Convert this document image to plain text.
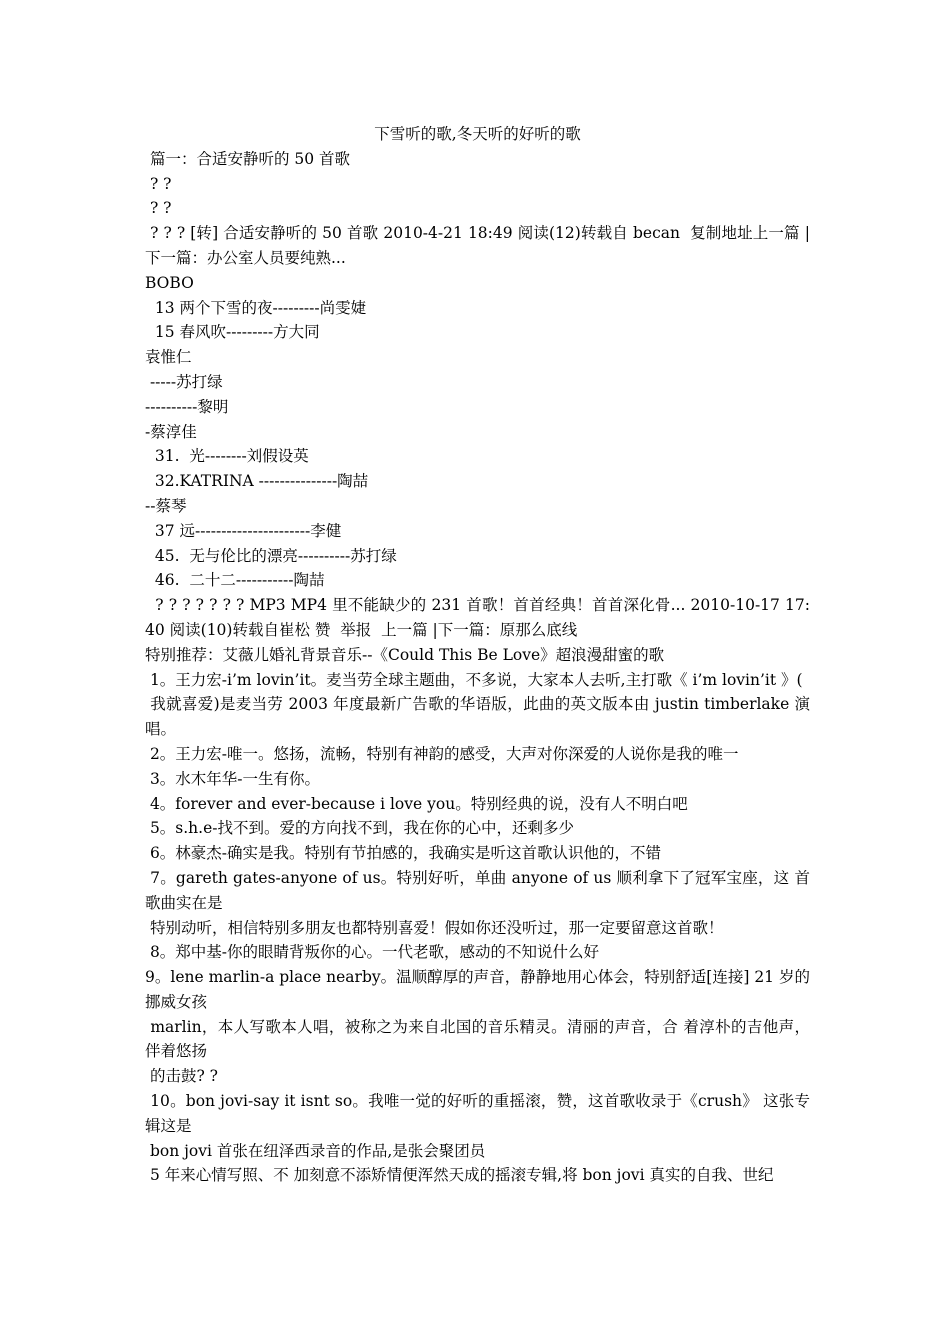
下雪听的歌,冬天听的好听的歌

篇一：合适安静听的 50 首歌

? ?

? ?

? ? ? [转] 合适安静听的 50 首歌 2010-4-21 18:49 阅读(12)转载自 becan  复制地址上一篇 |下一篇：办公室人员要纯熟...

BOBO

13 两个下雪的夜---------尚雯婕

15 春风吹---------方大同

袁惟仁

-----苏打绿

----------黎明

-蔡淳佳

31.  光--------刘假设英

32.KATRINA ---------------陶喆

--蔡琴

37 远----------------------李健

45.  无与伦比的漂亮----------苏打绿

46.  二十二-----------陶喆

? ? ? ? ? ? ? MP3 MP4 里不能缺少的 231 首歌！首首经典！首首深化骨... 2010-10-17 17:40 阅读(10)转载自崔松 赞  举报  上一篇 |下一篇：原那么底线

特别推荐：艾薇儿婚礼背景音乐--《Could This Be Love》超浪漫甜蜜的歌

1。王力宏-i’m lovin’it。麦当劳全球主题曲，不多说，大家本人去听,主打歌《 i’m lovin’it 》(

我就喜爱)是麦当劳 2003 年度最新广告歌的华语版，此曲的英文版本由 justin timberlake 演唱。

2。王力宏-唯一。悠扬，流畅，特别有神韵的感受，大声对你深爱的人说你是我的唯一

3。水木年华-一生有你。

4。forever and ever-because i love you。特别经典的说，没有人不明白吧

5。s.h.e-找不到。爱的方向找不到，我在你的心中，还剩多少

6。林豪杰-确实是我。特别有节拍感的，我确实是听这首歌认识他的，不错

7。gareth gates-anyone of us。特别好听，单曲 anyone of us 顺利拿下了冠军宝座，这 首歌曲实在是

特别动听，相信特别多朋友也都特别喜爱！假如你还没听过，那一定要留意这首歌！

8。郑中基-你的眼睛背叛你的心。一代老歌，感动的不知说什么好

9。lene marlin-a place nearby。温顺醇厚的声音，静静地用心体会，特别舒适[连接] 21 岁的挪威女孩

marlin，本人写歌本人唱，被称之为来自北国的音乐精灵。清丽的声音，合 着淳朴的吉他声，伴着悠扬

的击鼓? ?

10。bon jovi-say it isnt so。我唯一觉的好听的重摇滚，赞，这首歌收录于《crush》 这张专辑这是

bon jovi 首张在纽泽西录音的作品,是张会聚团员

5 年来心情写照、不 加刻意不添矫情便浑然天成的摇滚专辑,将 bon jovi 真实的自我、世纪
